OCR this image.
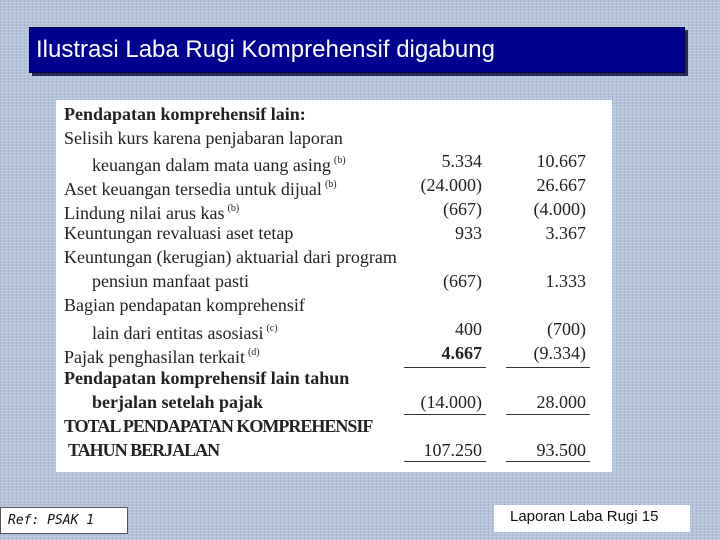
Ilustrasi Laba Rugi Komprehensif digabung
Pendapatan komprehensif lain:
Selisih kurs karena penjabaran laporan
keuangan dalam mata uang asing $^{(b)}$	5.334	10.667
Aset keuangan tersedia untuk dijual $^{(b)}$	(24.000)	26.667
Lindung nilai arus kas $^{(b)}$	(667)	(4.000)
Keuntungan revaluasi aset tetap	933	3.367
Keuntungan (kerugian) aktuarial dari program
pensiun manfaat pasti	(667)	1.333
Bagian pendapatan komprehensif
lain dari entitas asosiasi $^{(c)}$	400	(700)
Pajak penghasilan terkait $^{(d)}$	4.667	(9.334)
Pendapatan komprehensif lain tahun
berjalan setelah pajak	(14.000)	28.000
TOTAL PENDAPATAN KOMPREHENSIF
TAHUN BERJALAN	107.250	93.500
Ref: PSAK 1	Laporan Laba Rugi 15
